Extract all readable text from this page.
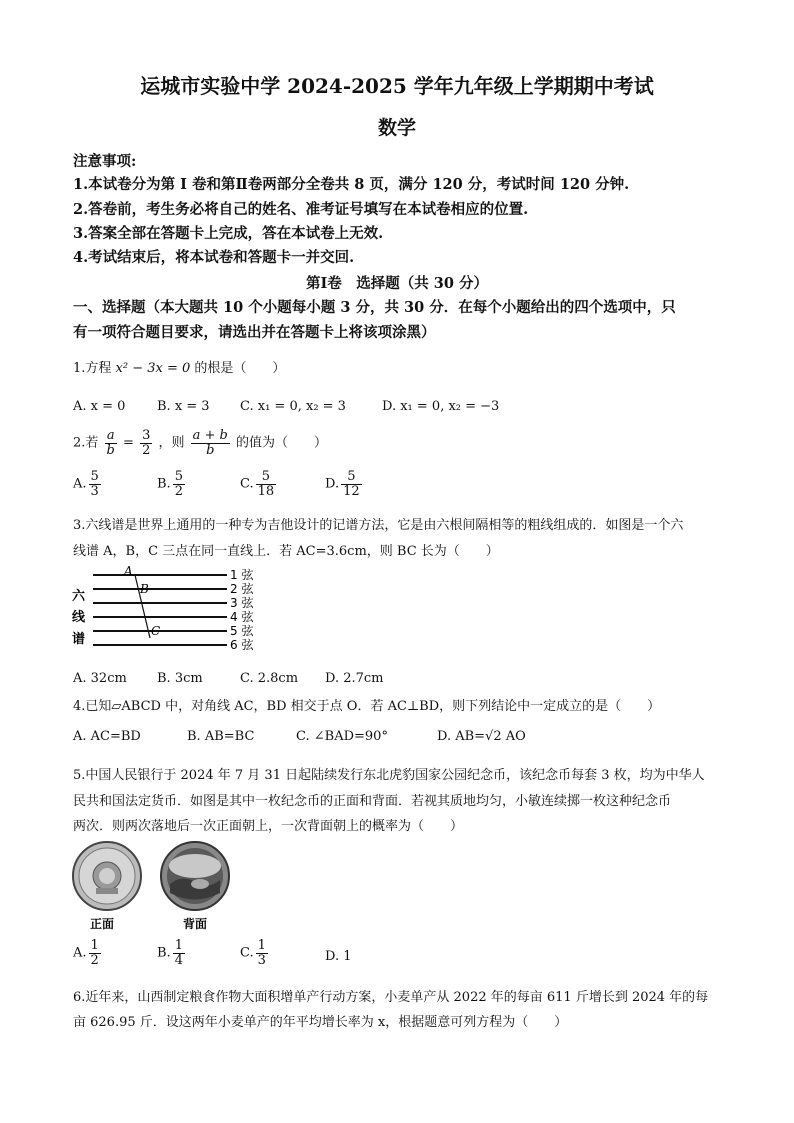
运城市实验中学 2024-2025 学年九年级上学期期中考试
数学
注意事项:
1.本试卷分为第 I 卷和第Ⅱ卷两部分全卷共 8 页，满分 120 分，考试时间 120 分钟.
2.答卷前，考生务必将自己的姓名、准考证号填写在本试卷相应的位置.
3.答案全部在答题卡上完成，答在本试卷上无效.
4.考试结束后，将本试卷和答题卡一并交回.
第Ⅰ卷　选择题（共 30 分）
一、选择题（本大题共 10 个小题每小题 3 分，共 30 分．在每个小题给出的四个选项中，只
有一项符合题目要求，请选出并在答题卡上将该项涂黑）
1.方程 x² − 3x = 0 的根是（　　）
A. x = 0 B. x = 3 C. x₁ = 0, x₂ = 3	D. x₁ = 0, x₂ = −3
2.若 $\frac{a}{b} = \frac{3}{2}$ ，则 $\frac{a + b}{b}$ 的值为（　　）
A. $\frac{5}{3}$	B. $\frac{5}{2}$	C. $\frac{5}{18}$	D. $\frac{5}{12}$
3.六线谱是世界上通用的一种专为吉他设计的记谱方法，它是由六根间隔相等的粗线组成的．如图是一个六
线谱 A，B，C 三点在同一直线上．若 AC=3.6cm，则 BC 长为（　　）
六
线
谱
A
B
C
1 弦
2 弦
3 弦
4 弦
5 弦
6 弦
A. 32cm B. 3cm	C. 2.8cm D. 2.7cm
4.已知▱ABCD 中，对角线 AC，BD 相交于点 O．若 AC⊥BD，则下列结论中一定成立的是（　　）
A. AC=BD	B. AB=BC	C. ∠BAD=90°	D. AB=√2 AO
5.中国人民银行于 2024 年 7 月 31 日起陆续发行东北虎豹国家公园纪念币，该纪念币每套 3 枚，均为中华人
民共和国法定货币．如图是其中一枚纪念币的正面和背面．若视其质地均匀，小敏连续掷一枚这种纪念币
两次．则两次落地后一次正面朝上，一次背面朝上的概率为（　　）
正面	背面
A. $\frac{1}{2}$	B. $\frac{1}{4}$	C. $\frac{1}{3}$	D. 1
6.近年来，山西制定粮食作物大面积增单产行动方案，小麦单产从 2022 年的每亩 611 斤增长到 2024 年的每
亩 626.95 斤．设这两年小麦单产的年平均增长率为 x，根据题意可列方程为（　　）
